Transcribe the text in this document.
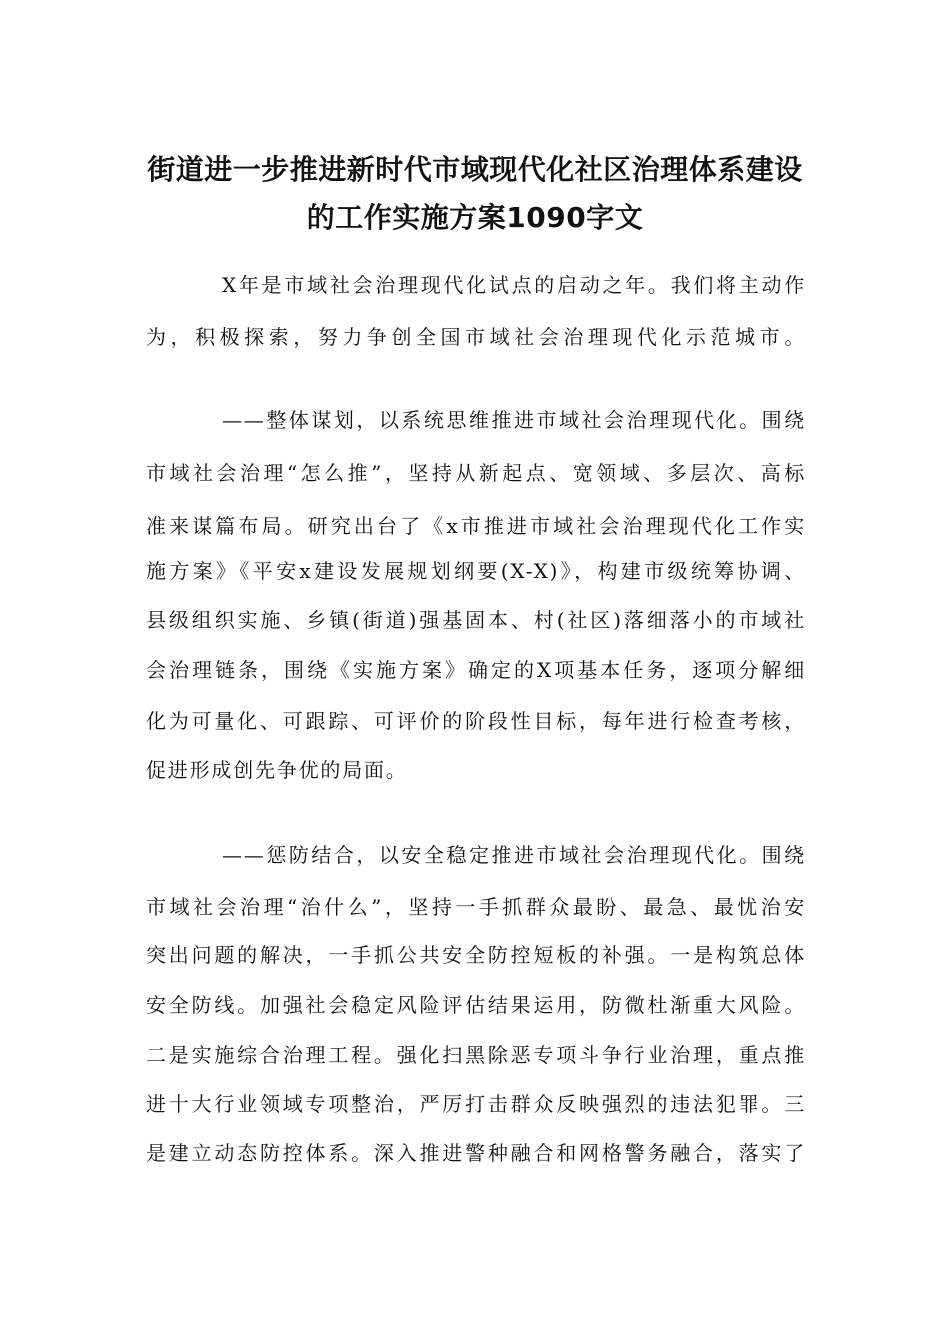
街道进一步推进新时代市域现代化社区治理体系建设
的工作实施方案1090字文
X年是市域社会治理现代化试点的启动之年。我们将主动作
为，积极探索，努力争创全国市域社会治理现代化示范城市。
——整体谋划，以系统思维推进市域社会治理现代化。围绕
市域社会治理“怎么推”，坚持从新起点、宽领域、多层次、高标
准来谋篇布局。研究出台了《x市推进市域社会治理现代化工作实
施方案》《平安x建设发展规划纲要(X-X)》，构建市级统筹协调、
县级组织实施、乡镇(街道)强基固本、村(社区)落细落小的市域社
会治理链条，围绕《实施方案》确定的X项基本任务，逐项分解细
化为可量化、可跟踪、可评价的阶段性目标，每年进行检查考核，
促进形成创先争优的局面。
——惩防结合，以安全稳定推进市域社会治理现代化。围绕
市域社会治理“治什么”，坚持一手抓群众最盼、最急、最忧治安
突出问题的解决，一手抓公共安全防控短板的补强。一是构筑总体
安全防线。加强社会稳定风险评估结果运用，防微杜渐重大风险。
二是实施综合治理工程。强化扫黑除恶专项斗争行业治理，重点推
进十大行业领域专项整治，严厉打击群众反映强烈的违法犯罪。三
是建立动态防控体系。深入推进警种融合和网格警务融合，落实了
